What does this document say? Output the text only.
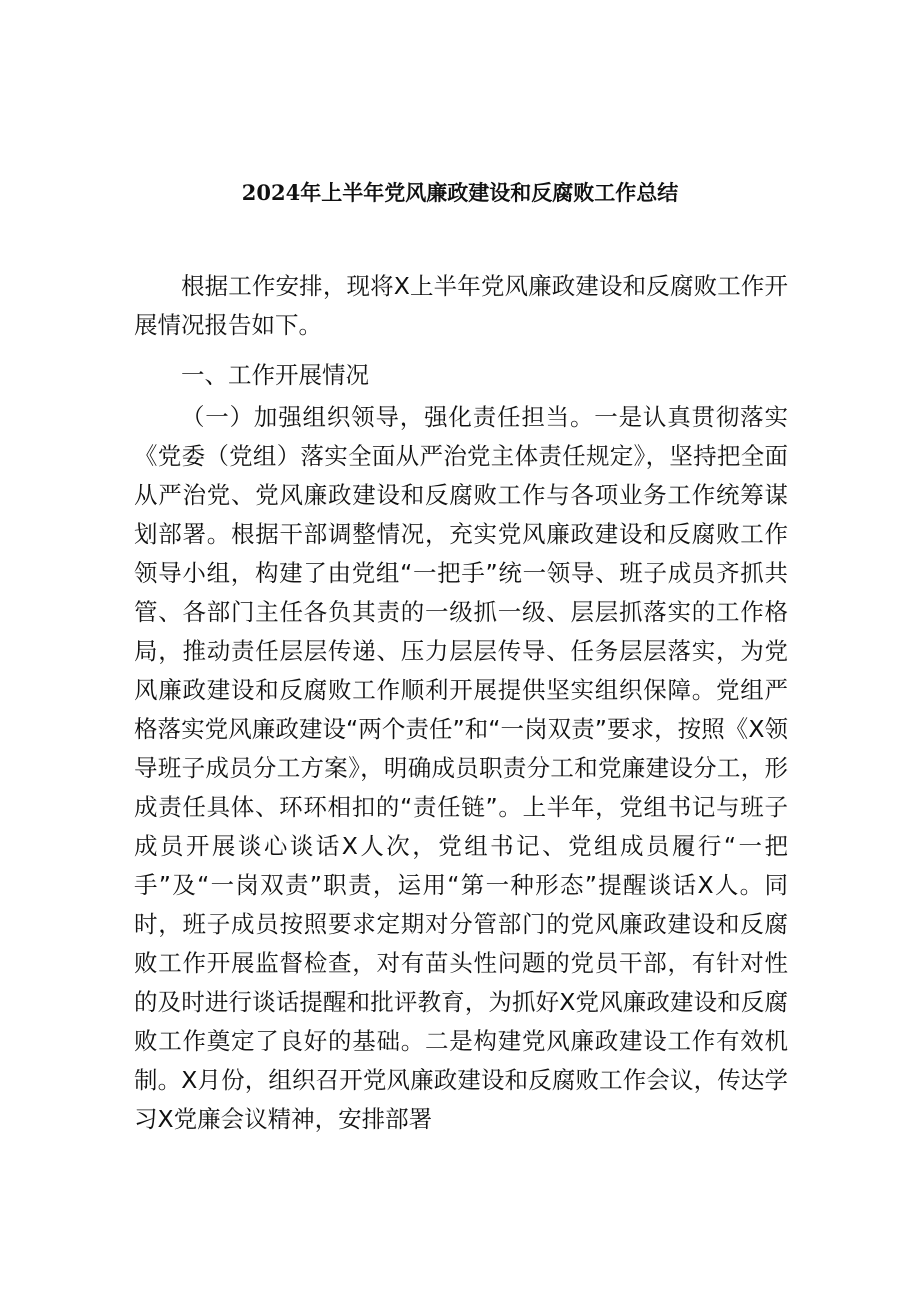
2024年上半年党风廉政建设和反腐败工作总结

根据工作安排，现将X上半年党风廉政建设和反腐败工作开展情况报告如下。

一、工作开展情况

（一）加强组织领导，强化责任担当。一是认真贯彻落实《党委（党组）落实全面从严治党主体责任规定》，坚持把全面从严治党、党风廉政建设和反腐败工作与各项业务工作统筹谋划部署。根据干部调整情况，充实党风廉政建设和反腐败工作领导小组，构建了由党组“一把手”统一领导、班子成员齐抓共管、各部门主任各负其责的一级抓一级、层层抓落实的工作格局，推动责任层层传递、压力层层传导、任务层层落实，为党风廉政建设和反腐败工作顺利开展提供坚实组织保障。党组严格落实党风廉政建设“两个责任”和“一岗双责”要求，按照《X领导班子成员分工方案》，明确成员职责分工和党廉建设分工，形成责任具体、环环相扣的“责任链”。上半年，党组书记与班子成员开展谈心谈话X人次，党组书记、党组成员履行“一把手”及“一岗双责”职责，运用“第一种形态”提醒谈话X人。同时，班子成员按照要求定期对分管部门的党风廉政建设和反腐败工作开展监督检查，对有苗头性问题的党员干部，有针对性的及时进行谈话提醒和批评教育，为抓好X党风廉政建设和反腐败工作奠定了良好的基础。二是构建党风廉政建设工作有效机制。X月份，组织召开党风廉政建设和反腐败工作会议，传达学习X党廉会议精神，安排部署
